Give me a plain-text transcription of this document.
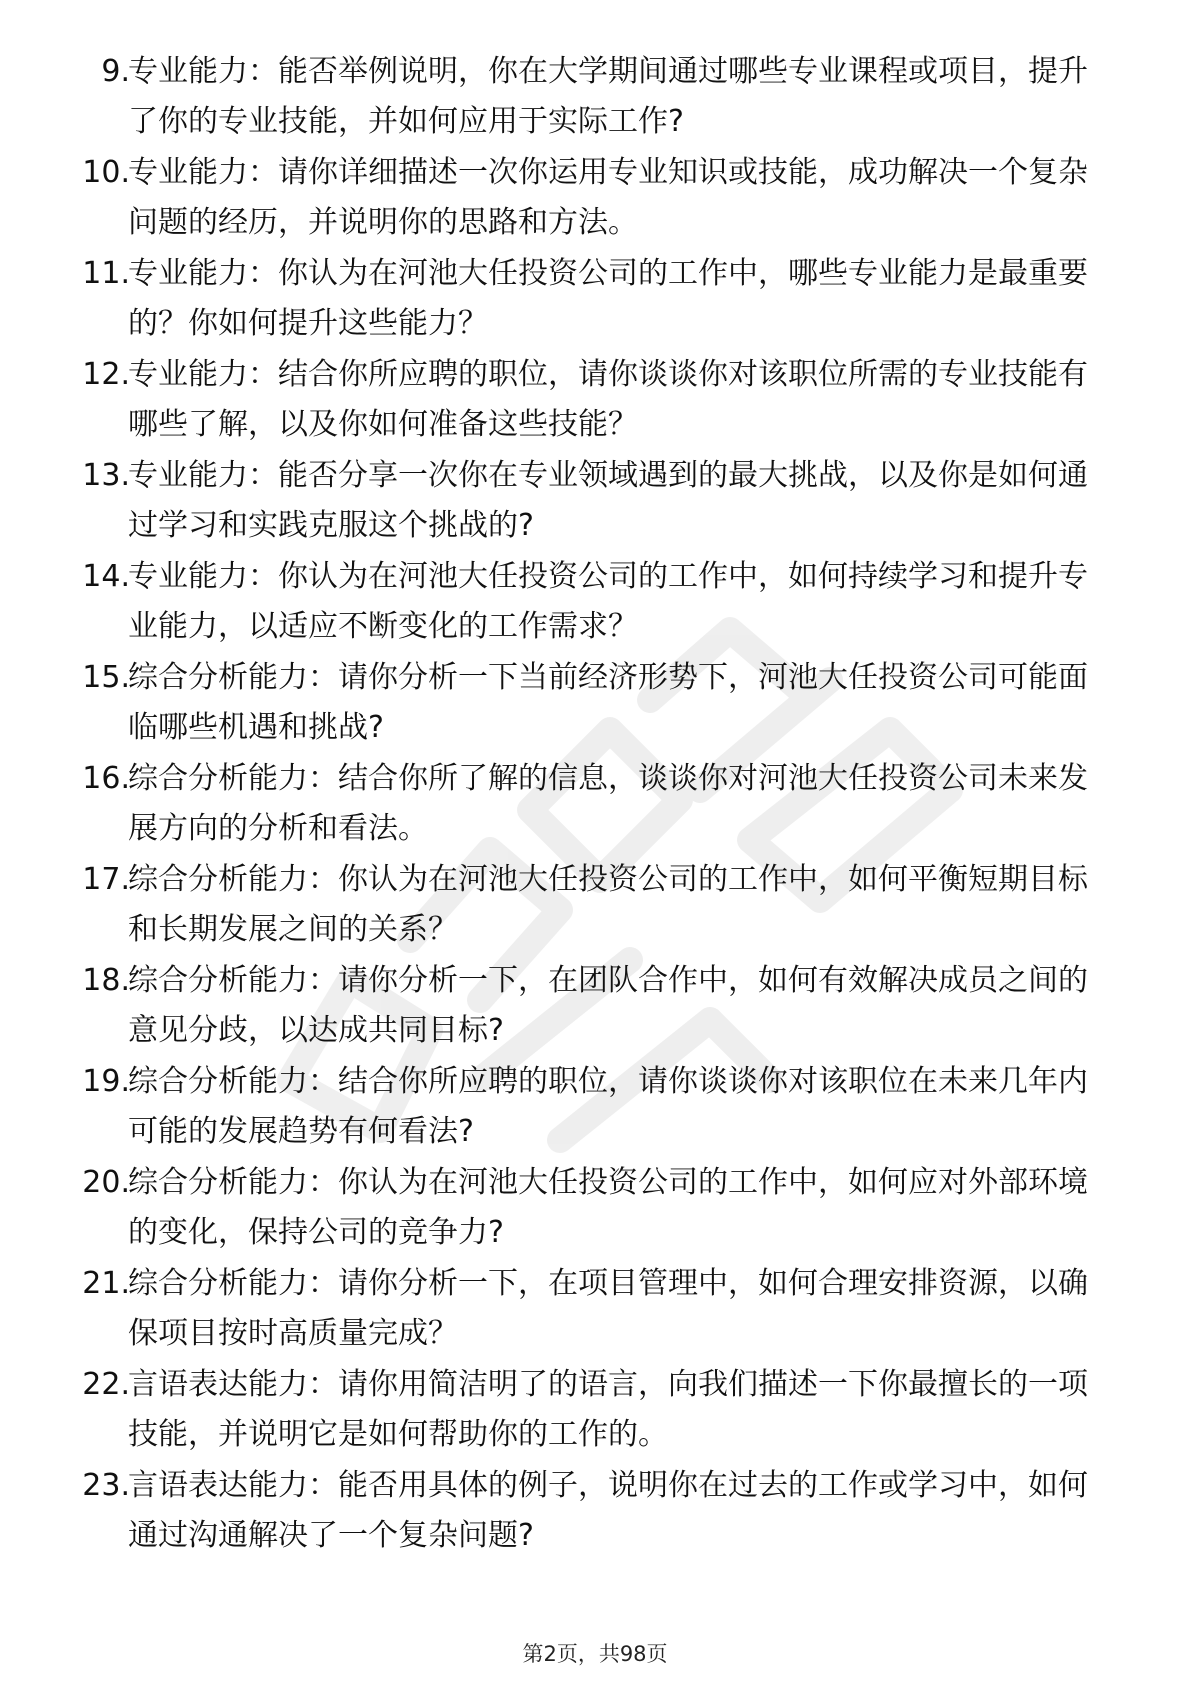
9.
专业能力：能否举例说明，你在大学期间通过哪些专业课程或项目，提升了你的专业技能，并如何应用于实际工作?
10.
专业能力：请你详细描述一次你运用专业知识或技能，成功解决一个复杂问题的经历，并说明你的思路和方法。
11.
专业能力：你认为在河池大任投资公司的工作中，哪些专业能力是最重要的？你如何提升这些能力？
12.
专业能力：结合你所应聘的职位，请你谈谈你对该职位所需的专业技能有哪些了解，以及你如何准备这些技能？
13.
专业能力：能否分享一次你在专业领域遇到的最大挑战，以及你是如何通过学习和实践克服这个挑战的?
14.
专业能力：你认为在河池大任投资公司的工作中，如何持续学习和提升专业能力，以适应不断变化的工作需求？
15.
综合分析能力：请你分析一下当前经济形势下，河池大任投资公司可能面临哪些机遇和挑战?
16.
综合分析能力：结合你所了解的信息，谈谈你对河池大任投资公司未来发展方向的分析和看法。
17.
综合分析能力：你认为在河池大任投资公司的工作中，如何平衡短期目标和长期发展之间的关系？
18.
综合分析能力：请你分析一下，在团队合作中，如何有效解决成员之间的意见分歧，以达成共同目标?
19.
综合分析能力：结合你所应聘的职位，请你谈谈你对该职位在未来几年内可能的发展趋势有何看法?
20.
综合分析能力：你认为在河池大任投资公司的工作中，如何应对外部环境的变化，保持公司的竞争力?
21.
综合分析能力：请你分析一下，在项目管理中，如何合理安排资源，以确保项目按时高质量完成？
22.
言语表达能力：请你用简洁明了的语言，向我们描述一下你最擅长的一项技能，并说明它是如何帮助你的工作的。
23.
言语表达能力：能否用具体的例子，说明你在过去的工作或学习中，如何通过沟通解决了一个复杂问题?
第2页，共98页
